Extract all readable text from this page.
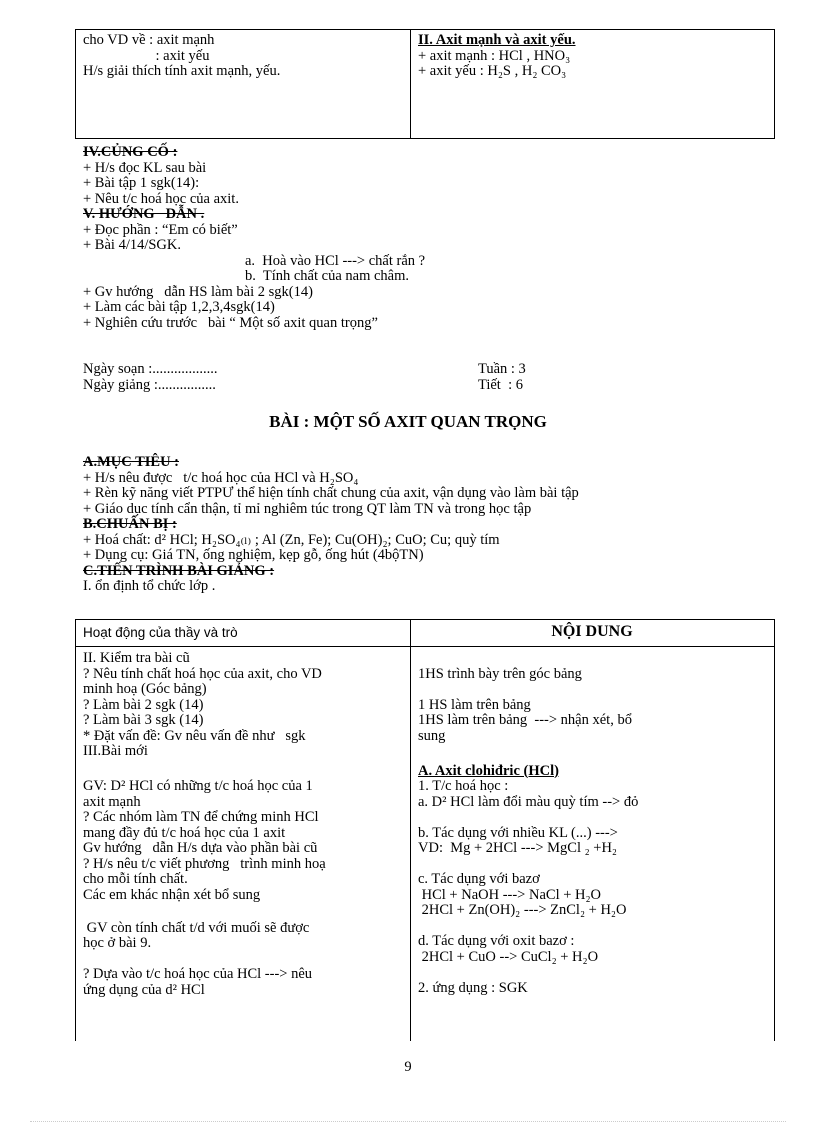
cho VD về : axit mạnh
: axit yếu
H/s giải thích tính axit mạnh, yếu.
II. Axit mạnh và axit yếu.
+ axit mạnh : HCl , HNO₃
+ axit yếu : H₂S , H₂ CO₃
IV.CỦNG CỐ :
+ H/s đọc KL sau bài
+ Bài tập 1 sgk(14):
+ Nêu t/c hoá học của axit.
V. HƯỚNG   DẪN .
+ Đọc phần : “Em có biết”
+ Bài 4/14/SGK.
a.  Hoà vào HCl ---> chất rắn ?
b.  Tính chất của nam châm.
+ Gv hướng   dẫn HS làm bài 2 sgk(14)
+ Làm các bài tập 1,2,3,4sgk(14)
+ Nghiên cứu trước   bài “ Một số axit quan trọng”
Ngày soạn :..................
Ngày giảng :................
Tuần : 3
Tiết  : 6
BÀI : MỘT SỐ AXIT QUAN TRỌNG
A.MỤC TIÊU :
+ H/s nêu được   t/c hoá học của HCl và H₂SO₄
+ Rèn kỹ năng viết PTPƯ thể hiện tính chất chung của axit, vận dụng vào làm bài tập
+ Giáo dục tính cẩn thận, tỉ mỉ nghiêm túc trong QT làm TN và trong học tập
B.CHUẨN BỊ :
+ Hoá chất: d² HCl; H₂SO₄₍ₗ₎ ; Al (Zn, Fe); Cu(OH)₂; CuO; Cu; quỳ tím
+ Dụng cụ: Giá TN, ống nghiệm, kẹp gỗ, ống hút (4bộTN)
C.TIẾN TRÌNH BÀI GIẢNG :
I. ổn định tổ chức lớp .
Hoạt động của thầy và trò	NỘI DUNG
II. Kiểm tra bài cũ
? Nêu tính chất hoá học của axit, cho VD
minh hoạ (Góc bảng)
? Làm bài 2 sgk (14)
? Làm bài 3 sgk (14)
* Đặt vấn đề: Gv nêu vấn đề như   sgk
III.Bài mới

GV: D² HCl có những t/c hoá học của 1
axit mạnh
? Các nhóm làm TN để chứng minh HCl
mang đầy đủ t/c hoá học của 1 axit
Gv hướng   dẫn H/s dựa vào phần bài cũ
? H/s nêu t/c viết phương   trình minh hoạ
cho mỗi tính chất.
Các em khác nhận xét bổ sung

GV còn tính chất t/d với muối sẽ được
học ở bài 9.

? Dựa vào t/c hoá học của HCl ---> nêu
ứng dụng của d² HCl

1HS trình bày trên góc bảng

1 HS làm trên bảng
1HS làm trên bảng  ---> nhận xét, bổ
sung

A. Axit clohiđric (HCl)
1. T/c hoá học :
a. D² HCl làm đổi màu quỳ tím --> đỏ

b. Tác dụng với nhiều KL (...) --->
VD:  Mg + 2HCl ---> MgCl ₂ +H₂

c. Tác dụng với bazơ
HCl + NaOH ---> NaCl + H₂O
2HCl + Zn(OH)₂ ---> ZnCl₂ + H₂O

d. Tác dụng với oxit bazơ :
2HCl + CuO --> CuCl₂ + H₂O

2. ứng dụng : SGK
9
